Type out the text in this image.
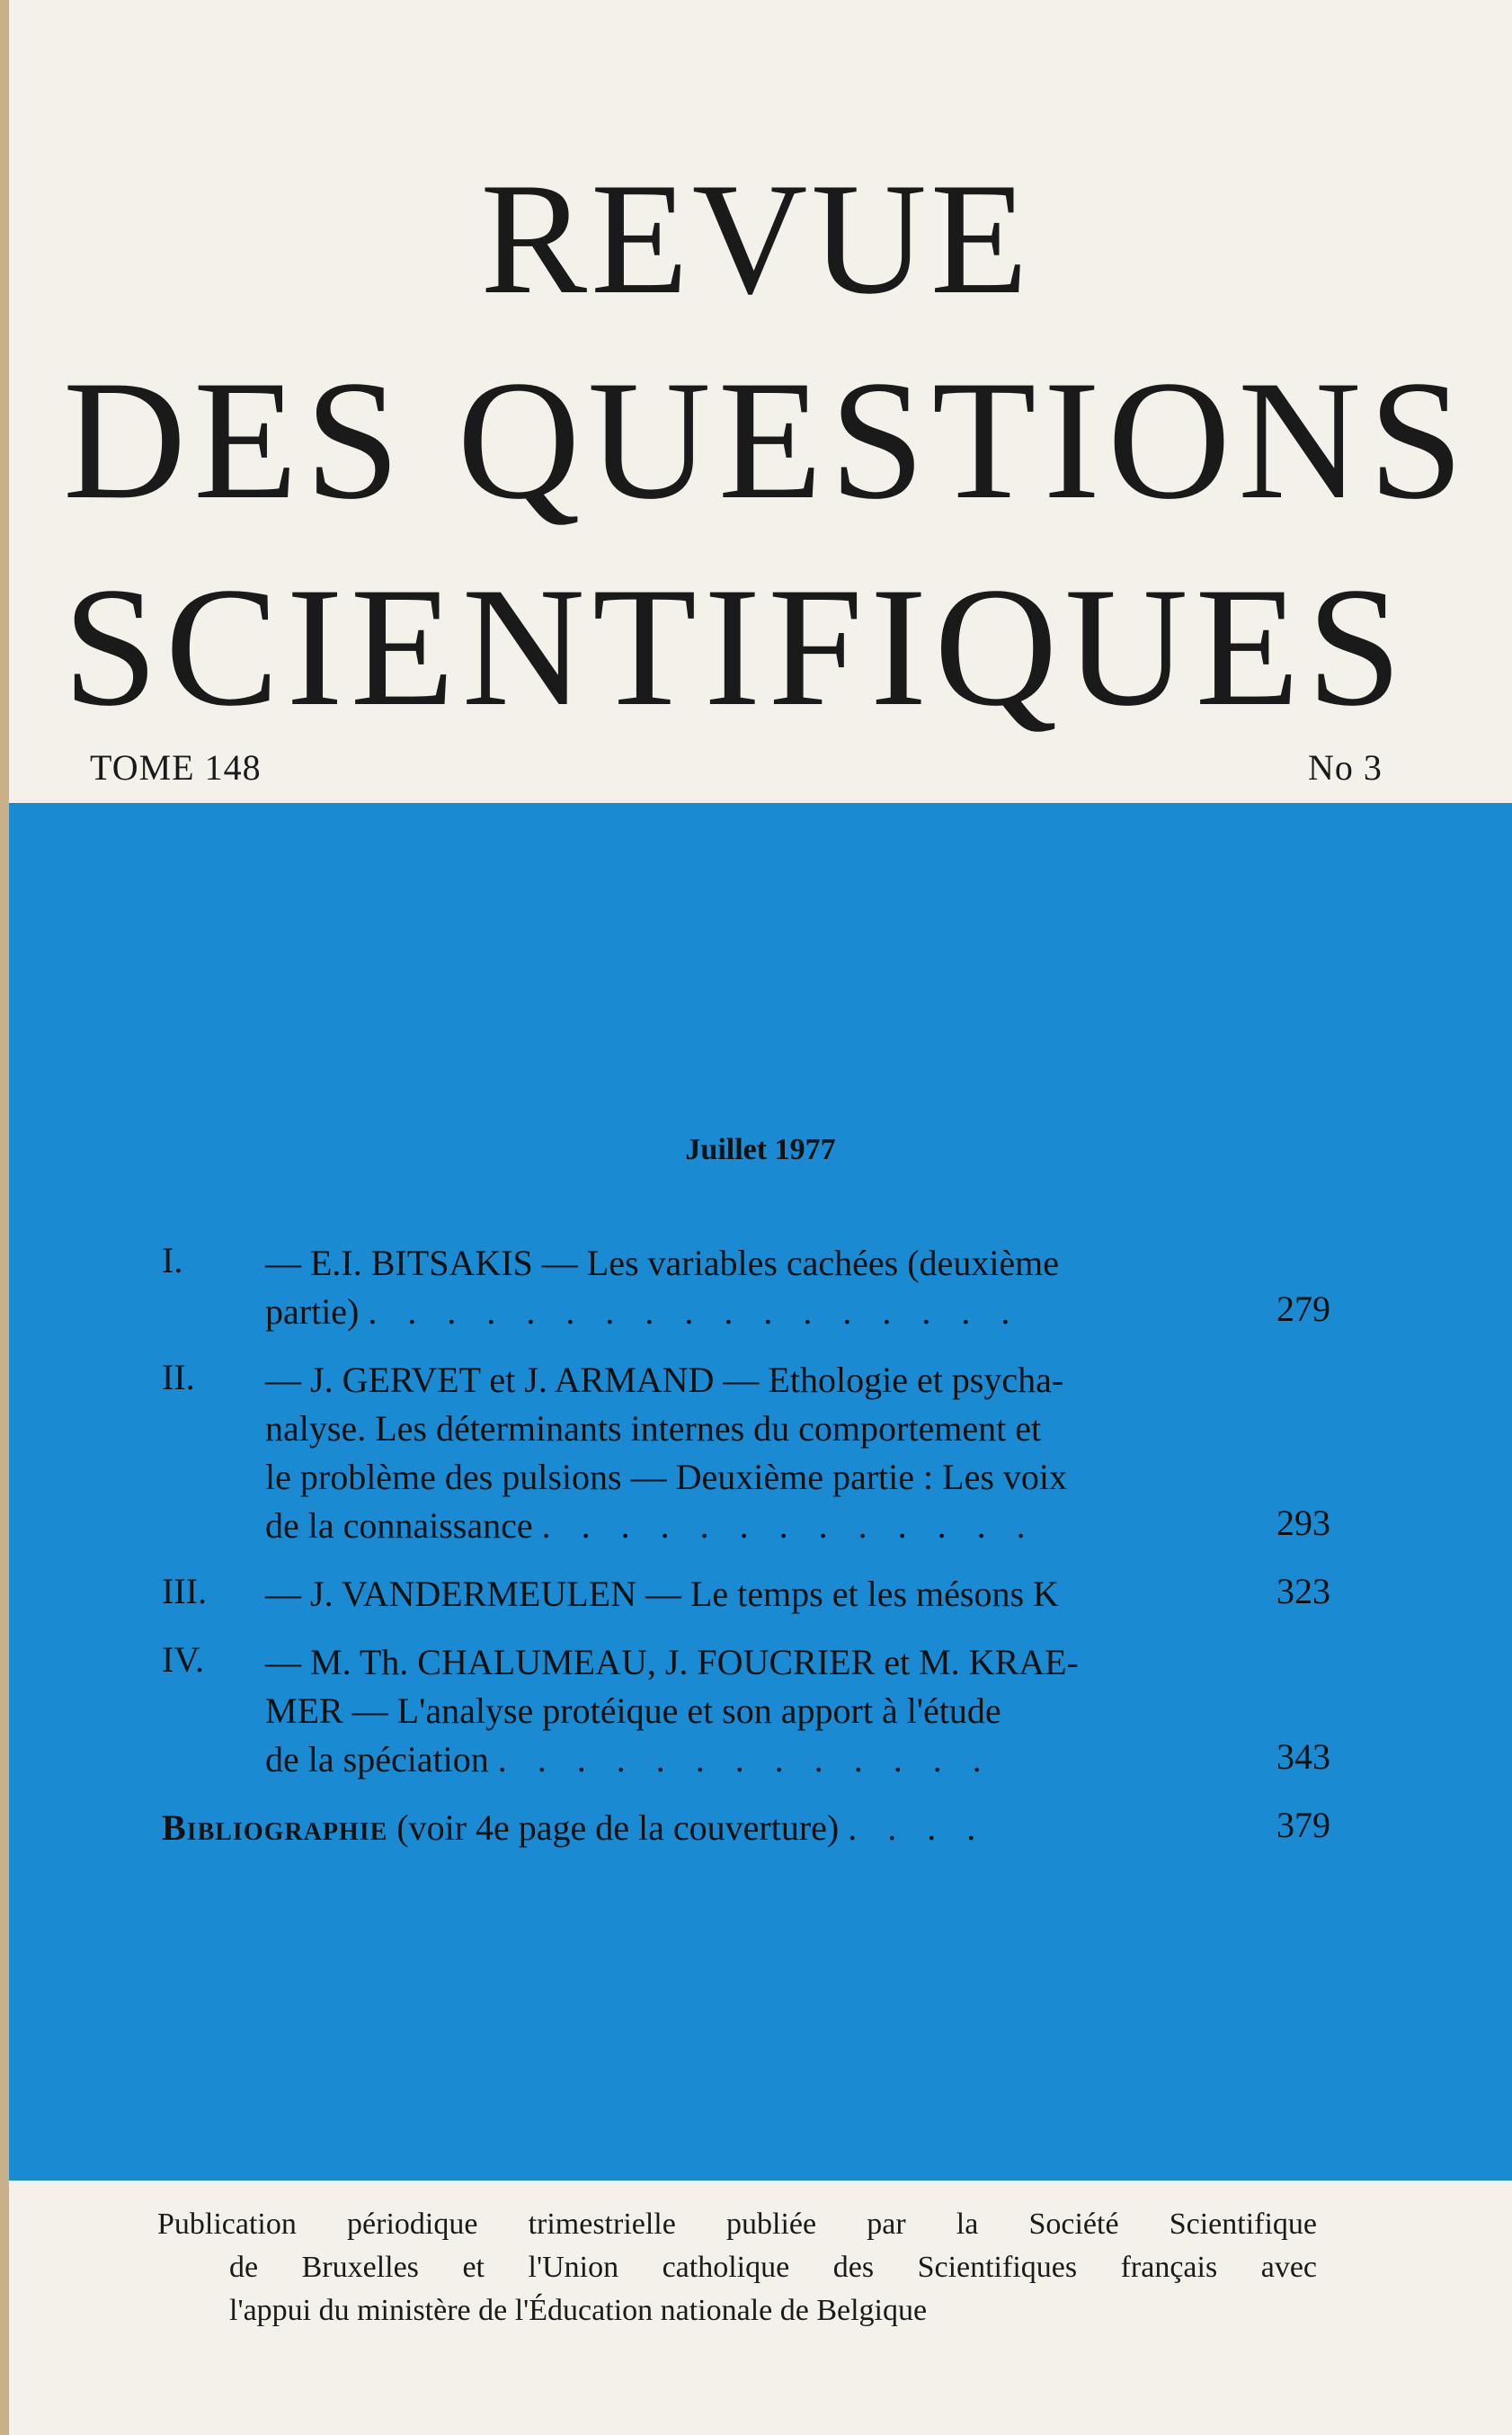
REVUE
DES QUESTIONS
SCIENTIFIQUES
TOME 148	No 3
Juillet 1977
I.	— E.I. BITSAKIS — Les variables cachées (deuxième
partie) . . . . . . . . . . . . . . . . .	279
II.	— J. GERVET et J. ARMAND — Ethologie et psycha-
nalyse. Les déterminants internes du comportement et
le problème des pulsions — Deuxième partie : Les voix
de la connaissance . . . . . . . . . . . . .	293
III.	— J. VANDERMEULEN — Le temps et les mésons K	323
IV.	— M. Th. CHALUMEAU, J. FOUCRIER et M. KRAE-
MER — L'analyse protéique et son apport à l'étude
de la spéciation . . . . . . . . . . . . .	343
Bibliographie (voir 4e page de la couverture) . . . .	379
Publication périodique trimestrielle publiée par la Société Scientifique
de Bruxelles et l'Union catholique des Scientifiques français avec
l'appui du ministère de l'Éducation nationale de Belgique
